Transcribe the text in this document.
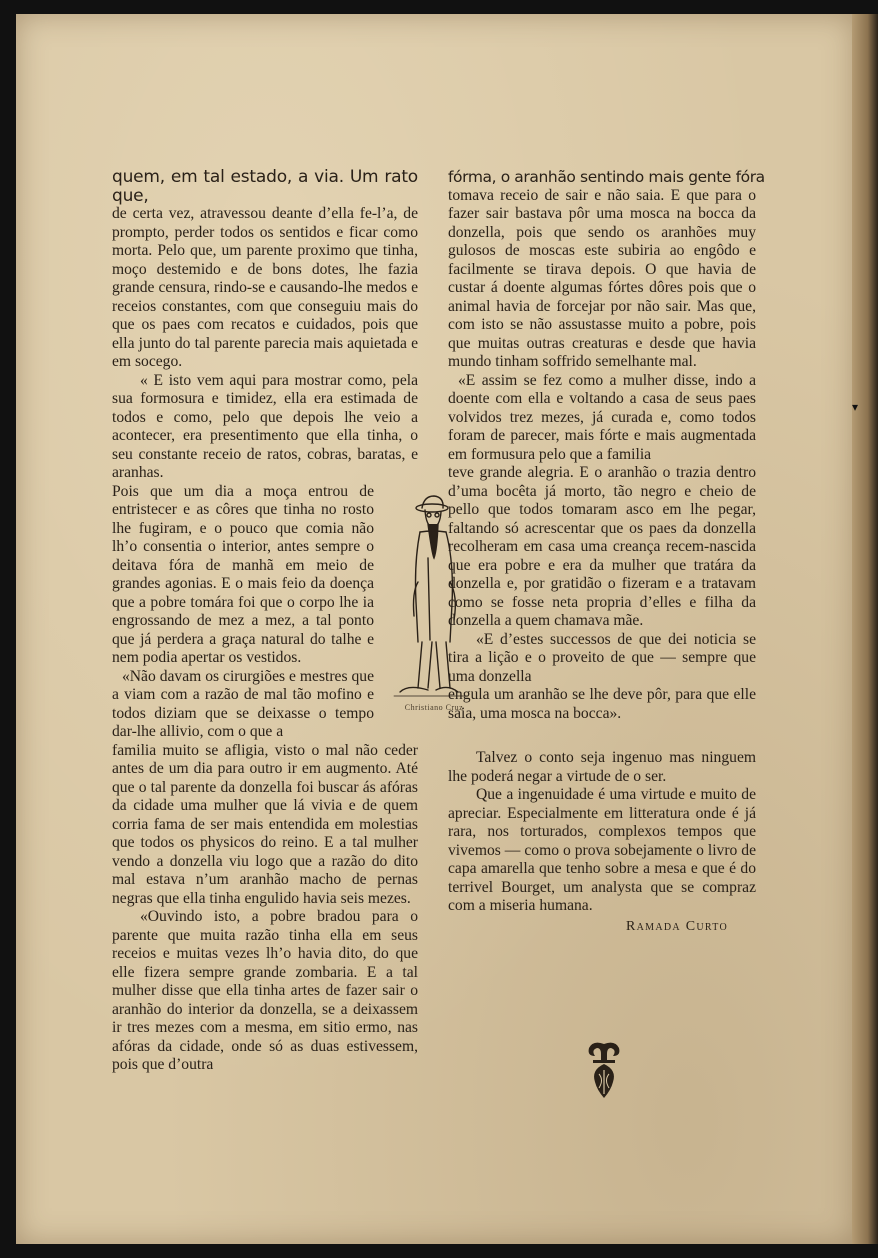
▾
quem, em tal estado, a via. Um rato que,

de certa vez, atravessou deante d’ella fe-l’a, de prompto, perder todos os sentidos e ficar como morta. Pelo que, um parente proximo que tinha, moço destemido e de bons dotes, lhe fazia grande censura, rindo-se e causando-lhe medos e receios constantes, com que conseguiu mais do que os paes com recatos e cuidados, pois que ella junto do tal parente parecia mais aquietada e em socego.

« E isto vem aqui para mostrar como, pela sua formosura e timidez, ella era estimada de todos e como, pelo que depois lhe veio a acontecer, era presentimento que ella tinha, o seu constante receio de ratos, cobras, baratas, e aranhas.

Pois que um dia a moça entrou de entristecer e as côres que tinha no rosto lhe fugiram, e o pouco que comia não lh’o consentia o interior, antes sempre o deitava fóra de manhã em meio de grandes agonias. E o mais feio da doença que a pobre tomára foi que o corpo lhe ia engrossando de mez a mez, a tal ponto que já perdera a graça natural do talhe e nem podia apertar os vestidos.

«Não davam os cirurgiões e mestres que a viam com a razão de mal tão mofino e todos diziam que se deixasse o tempo dar-lhe allivio, com o que a

familia muito se afligia, visto o mal não ceder antes de um dia para outro ir em augmento. Até que o tal parente da donzella foi buscar ás afóras da cidade uma mulher que lá vivia e de quem corria fama de ser mais entendida em molestias que todos os physicos do reino. E a tal mulher vendo a donzella viu logo que a razão do dito mal estava n’um aranhão macho de pernas negras que ella tinha engulido havia seis mezes.

«Ouvindo isto, a pobre bradou para o parente que muita razão tinha ella em seus receios e muitas vezes lh’o havia dito, do que elle fizera sempre grande zombaria. E a tal mulher disse que ella tinha artes de fazer sair o aranhão do interior da donzella, se a deixassem ir tres mezes com a mesma, em sitio ermo, nas afóras da cidade, onde só as duas estivessem, pois que d’outra

Christiano Cruz
fórma, o aranhão sentindo mais gente fóra

tomava receio de sair e não saia. E que para o fazer sair bastava pôr uma mosca na bocca da donzella, pois que sendo os aranhões muy gulosos de moscas este subiria ao engôdo e facilmente se tirava depois. O que havia de custar á doente algumas fórtes dôres pois que o animal havia de forcejar por não sair. Mas que, com isto se não assustasse muito a pobre, pois que muitas outras creaturas e desde que havia mundo tinham soffrido semelhante mal.

«E assim se fez como a mulher disse, indo a doente com ella e voltando a casa de seus paes volvidos trez mezes, já curada e, como todos foram de parecer, mais fórte e mais augmentada em formusura pelo que a familia

teve grande alegria. E o aranhão o trazia dentro d’uma bocêta já morto, tão negro e cheio de pello que todos tomaram asco em lhe pegar, faltando só acrescentar que os paes da donzella recolheram em casa uma creança recem-nascida que era pobre e era da mulher que tratára da donzella e, por gratidão o fizeram e a tratavam como se fosse neta propria d’elles e filha da donzella a quem chamava mãe.

«E d’estes successos de que dei noticia se tira a lição e o proveito de que — sempre que uma donzella

engula um aranhão se lhe deve pôr, para que elle saia, uma mosca na bocca».

Talvez o conto seja ingenuo mas ninguem lhe poderá negar a virtude de o ser.

Que a ingenuidade é uma virtude e muito de apreciar. Especialmente em litteratura onde é já rara, nos torturados, complexos tempos que vivemos — como o prova sobejamente o livro de capa amarella que tenho sobre a mesa e que é do terrivel Bourget, um analysta que se compraz com a miseria humana.

Ramada Curto
